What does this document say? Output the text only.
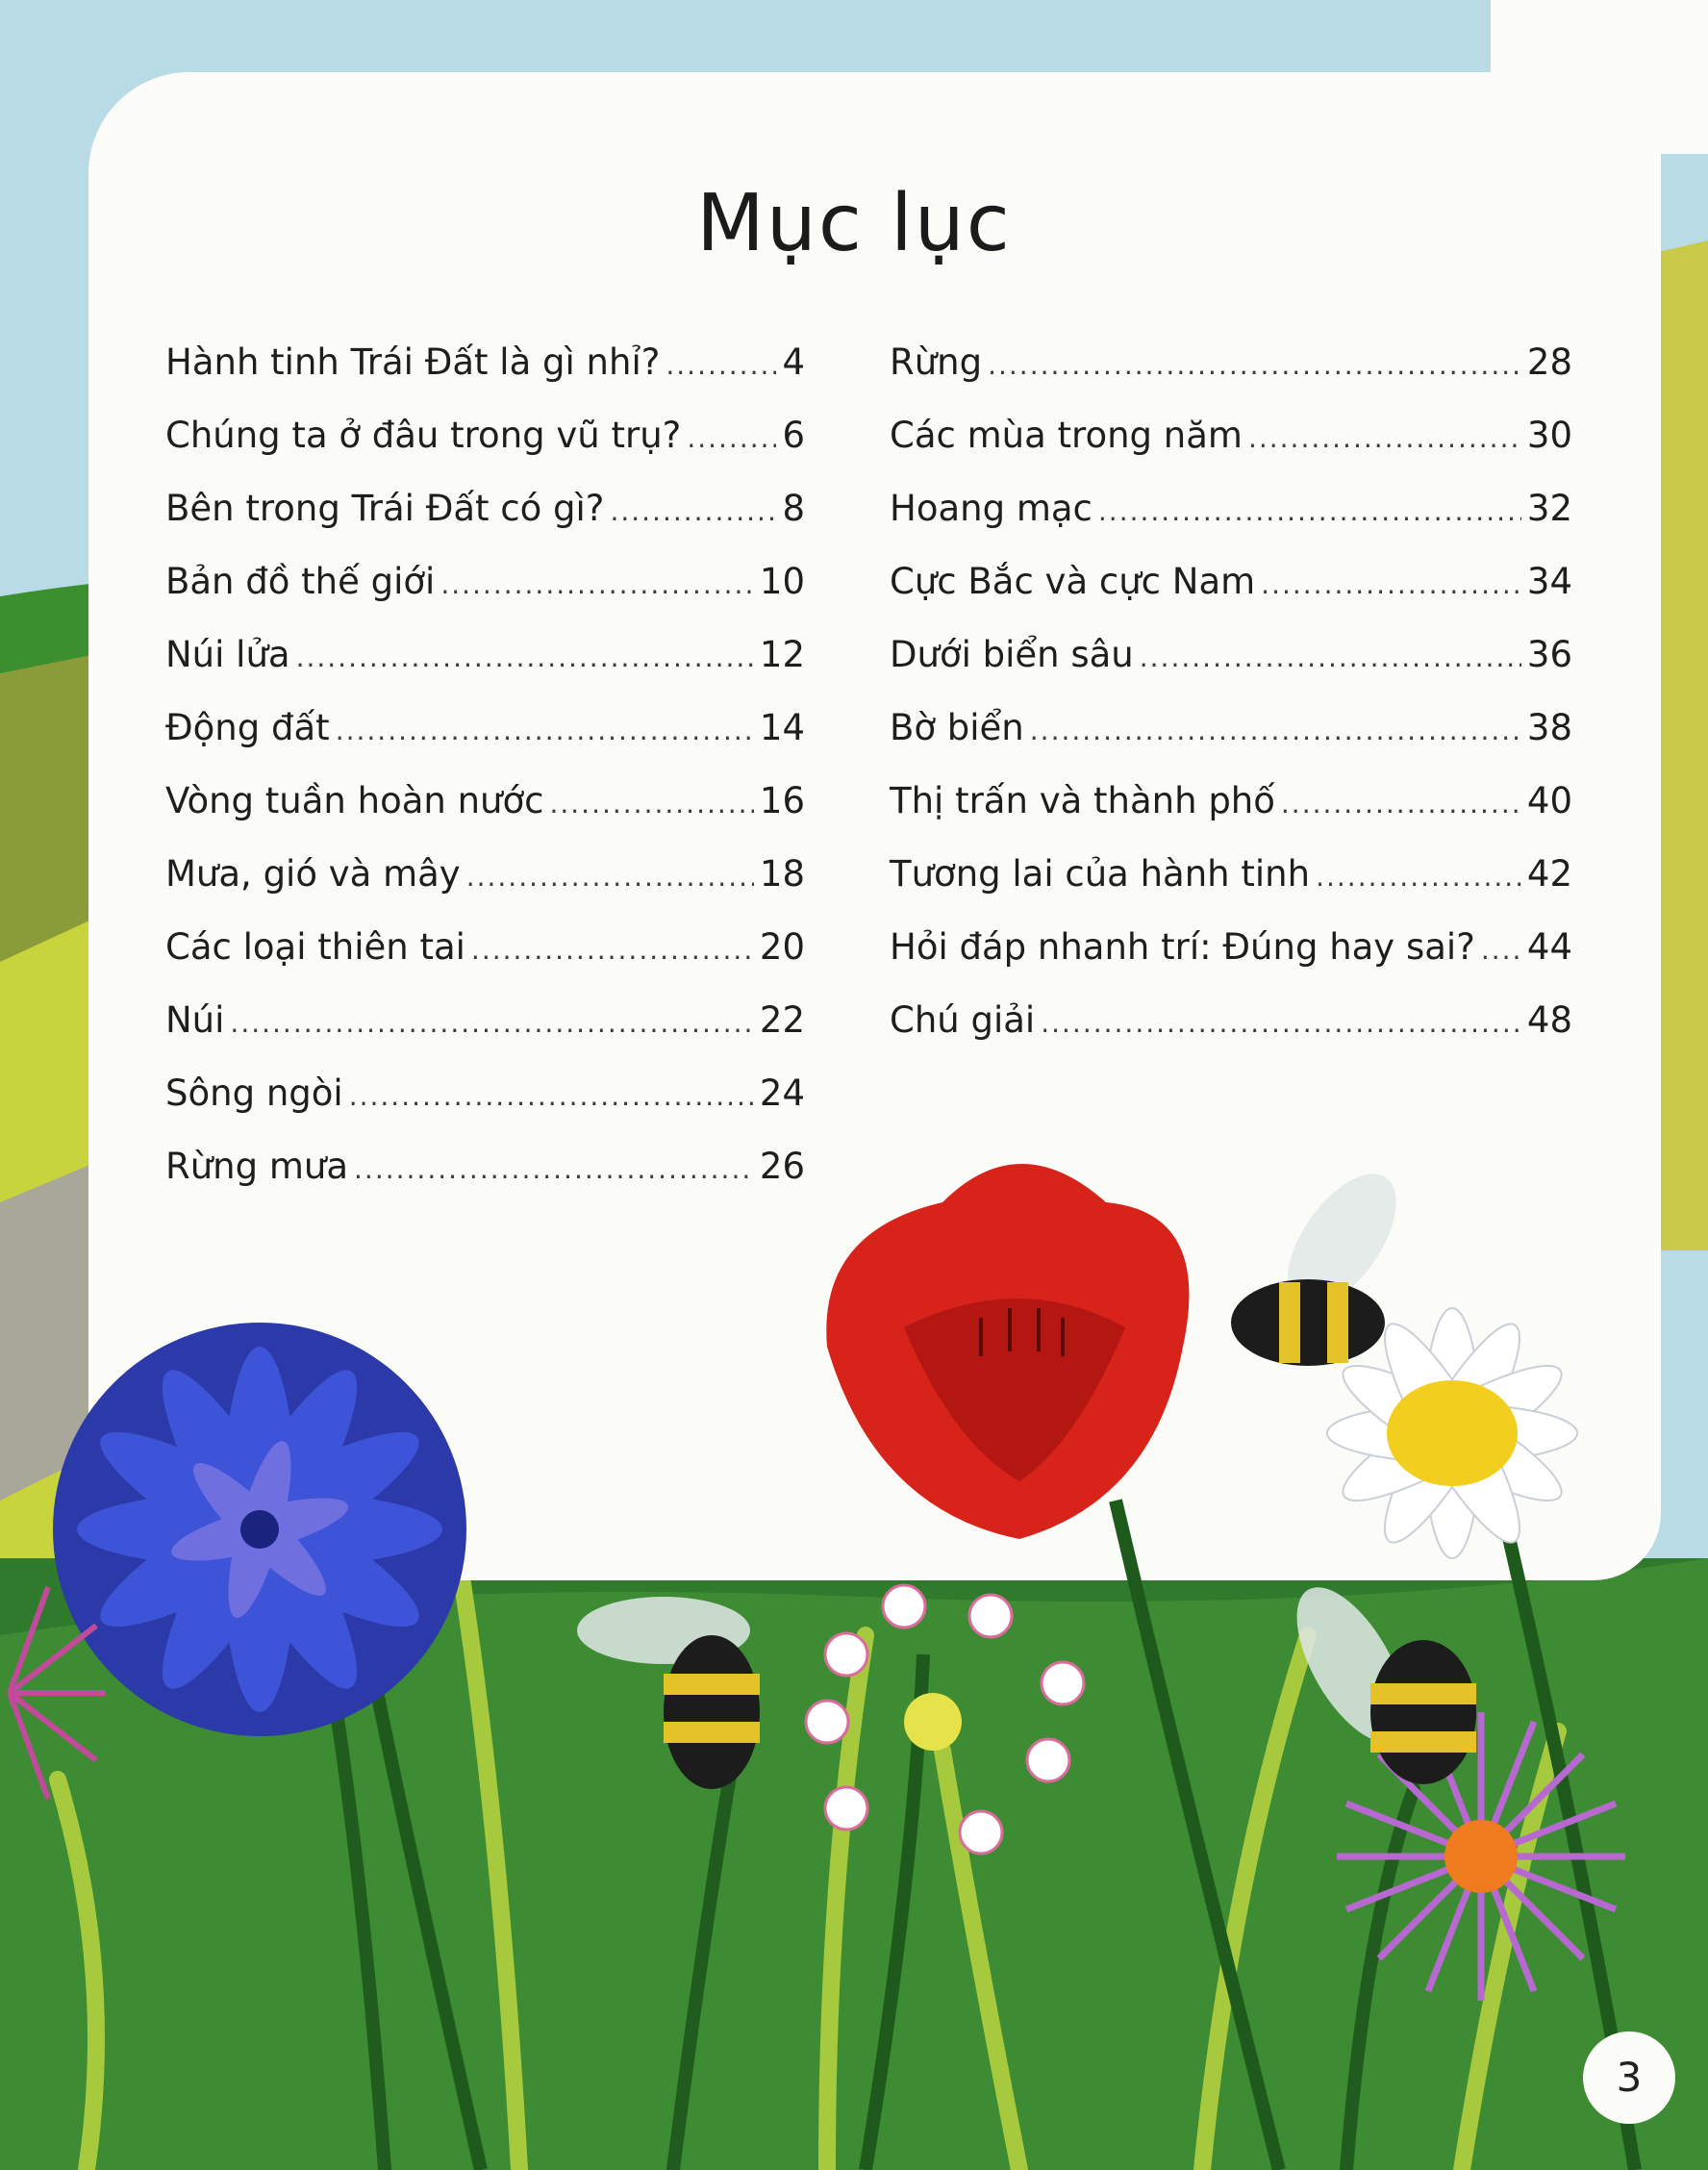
Mục lục
Hành tinh Trái Đất là gì nhỉ? .....	4
Chúng ta ở đâu trong vũ trụ? .....	6
Bên trong Trái Đất có gì? .....	8
Bản đồ thế giới .....	10
Núi lửa .....	12
Động đất .....	14
Vòng tuần hoàn nước .....	16
Mưa, gió và mây .....	18
Các loại thiên tai .....	20
Núi .....	22
Sông ngòi .....	24
Rừng mưa .....	26
Rừng .....	28
Các mùa trong năm .....	30
Hoang mạc .....	32
Cực Bắc và cực Nam .....	34
Dưới biển sâu .....	36
Bờ biển .....	38
Thị trấn và thành phố .....	40
Tương lai của hành tinh .....	42
Hỏi đáp nhanh trí: Đúng hay sai? ..... 44
Chú giải .....	48
3
